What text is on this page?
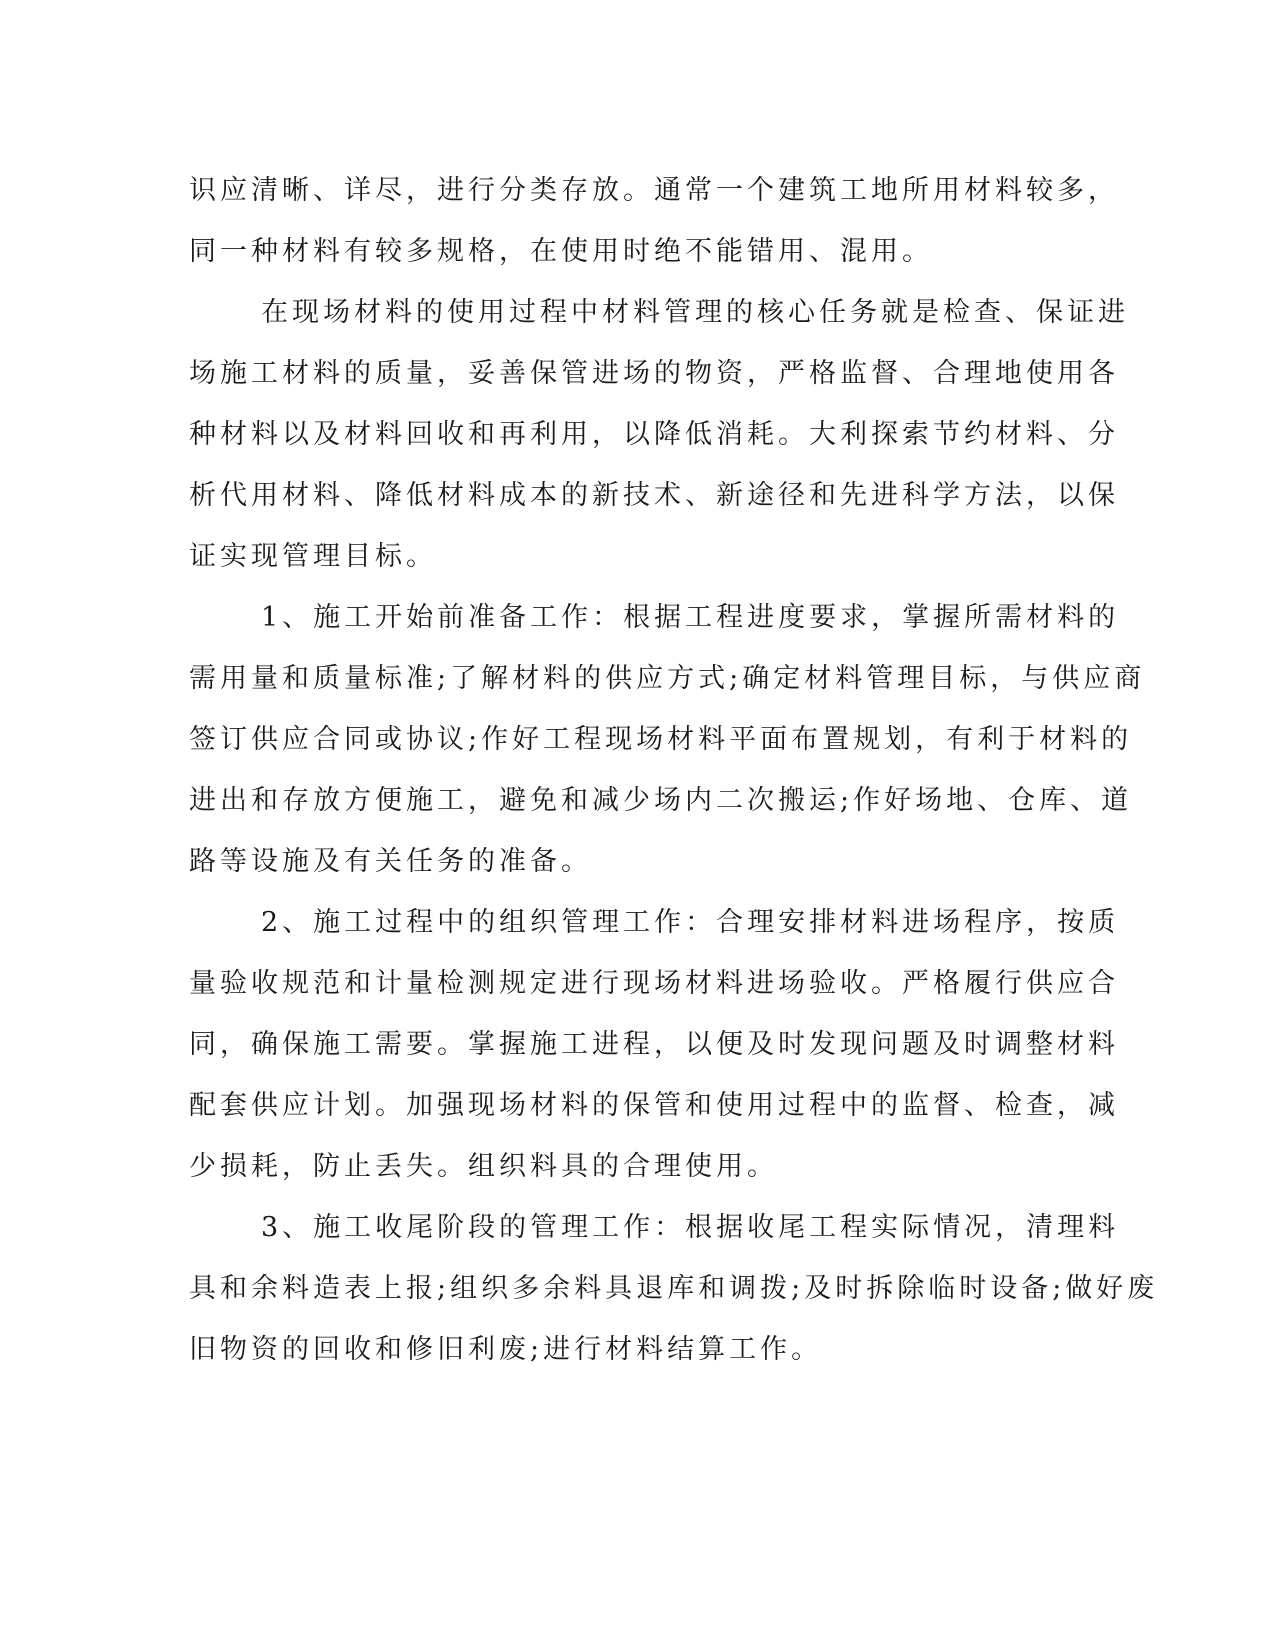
识应清晰、详尽，进行分类存放。通常一个建筑工地所用材料较多，
同一种材料有较多规格，在使用时绝不能错用、混用。
在现场材料的使用过程中材料管理的核心任务就是检查、保证进
场施工材料的质量，妥善保管进场的物资，严格监督、合理地使用各
种材料以及材料回收和再利用，以降低消耗。大利探索节约材料、分
析代用材料、降低材料成本的新技术、新途径和先进科学方法，以保
证实现管理目标。
1、施工开始前准备工作：根据工程进度要求，掌握所需材料的
需用量和质量标准;了解材料的供应方式;确定材料管理目标，与供应商
签订供应合同或协议;作好工程现场材料平面布置规划，有利于材料的
进出和存放方便施工，避免和减少场内二次搬运;作好场地、仓库、道
路等设施及有关任务的准备。
2、施工过程中的组织管理工作：合理安排材料进场程序，按质
量验收规范和计量检测规定进行现场材料进场验收。严格履行供应合
同，确保施工需要。掌握施工进程，以便及时发现问题及时调整材料
配套供应计划。加强现场材料的保管和使用过程中的监督、检查，减
少损耗，防止丢失。组织料具的合理使用。
3、施工收尾阶段的管理工作：根据收尾工程实际情况，清理料
具和余料造表上报;组织多余料具退库和调拨;及时拆除临时设备;做好废
旧物资的回收和修旧利废;进行材料结算工作。
